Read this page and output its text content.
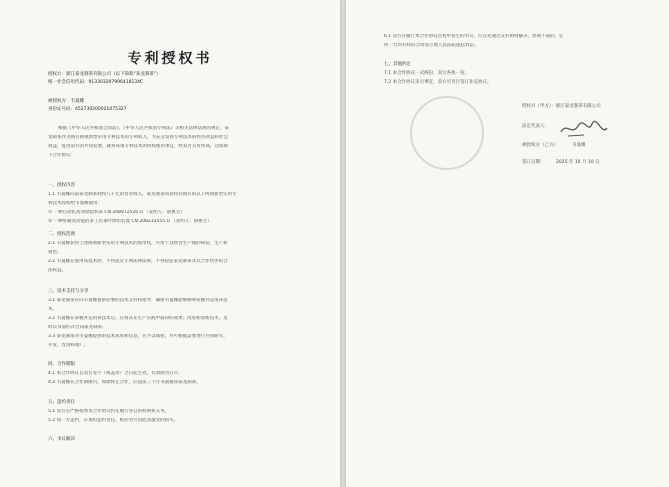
专利授权书
授权方：浙江泰龙制茶有限公司（以下简称“泰龙制茶”）
统一社会信用代码：91330329799641813XC
被授权方：韦曼娜
身份证号码：452730200021075327
根据《中华人民共和国合同法》、《中华人民共和国专利法》等相关法律法规的规定，泰
龙制茶作为拥有两项新型实用专利技术的专利权人，为充分发挥专利技术的经济效益和社会
效益，促进双方的共同发展，就将该项专利技术的授权使用事宜，经双方友好协商，达成如
下合作协议：
一、授权内容
1.1 韦曼娜向前泰龙制茶授权八千元的营业收入，泰龙制茶同意将其拥有的以下两项新型实用专
利技术授权给韦曼娜使用：
① 一种自动化高效揉捻机床 CN 208972526 U （发明人：俞惠芳）
② 一种带输送功能的多工位茶叶烘焙装置 CN 208233555 U （发明人：俞惠芳）
二、授权范围
2.1 韦曼娜获得上述两项新型实用专利技术的使用权，可用于其经营生产线的研发、生产和
销售。
2.2 韦曼娜在使用该技术时，不得违反专利法律法规，不得侵犯泰龙制茶及其合作伙伴的合
法权益。
三、技术支持与分享
3.1 泰龙制茶应向韦曼娜提供必要的技术支持和指导，确保韦曼娜能够顺利掌握并运用该技
术。
3.2 韦曼娜在掌握并运用该技术后，应将其在生产实践中取得的成果、改进和创新技术，及
时以书面形式告知泰龙制茶。
3.3 泰龙制茶对韦曼娜提供的技术成果和信息，应予以保密，并可根据需要进行共同研究、
开发、改进和推广。
四、合作期限
4.1 本合作协议自双方签字（或盖章）之日起生效，有效期为五年。
4.2 韦曼娜在合作期限内，如欲终止合作，应提前三个月书面通知泰龙制茶。
五、违约责任
5.1 双方应严格按照本合作协议约定履行各自的权利和义务。
5.2 如一方违约，应承担违约责任，赔偿对方因此而遭受的损失。
六、争议解决
6.1 双方在履行本合作协议过程中发生的争议，应首先通过友好协商解决，协商不成的，任
何一方均有权向合同签订地人民法院提起诉讼。
七、其他约定
7.1 本合作协议一式两份，双方各执一份。
7.2 本合作协议未尽事宜，双方可另行签订补充协议。
授权方（甲方）：浙江泰龙制茶有限公司
法定代表人：
被授权方（乙方）：	韦曼娜
签订日期：	2025 年 10 月 10 日
